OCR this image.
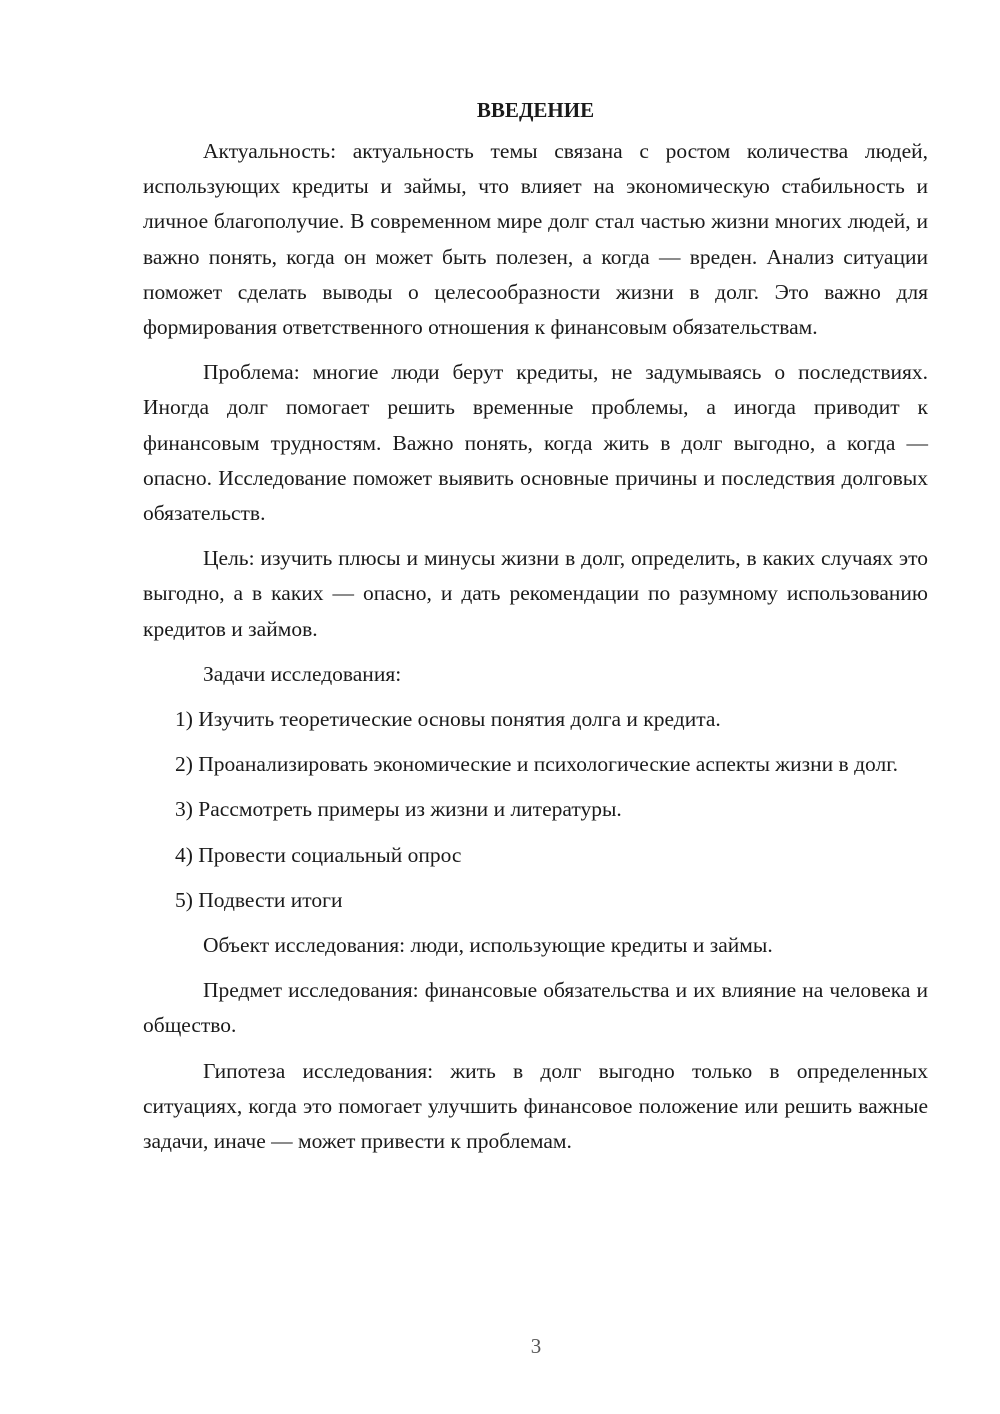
ВВЕДЕНИЕ

Актуальность: актуальность темы связана с ростом количества людей, использующих кредиты и займы, что влияет на экономическую стабильность и личное благополучие. В современном мире долг стал частью жизни многих людей, и важно понять, когда он может быть полезен, а когда — вреден. Анализ ситуации поможет сделать выводы о целесообразности жизни в долг. Это важно для формирования ответственного отношения к финансовым обязательствам.

Проблема: многие люди берут кредиты, не задумываясь о последствиях. Иногда долг помогает решить временные проблемы, а иногда приводит к финансовым трудностям. Важно понять, когда жить в долг выгодно, а когда — опасно. Исследование поможет выявить основные причины и последствия долговых обязательств.

Цель: изучить плюсы и минусы жизни в долг, определить, в каких случаях это выгодно, а в каких — опасно, и дать рекомендации по разумному использованию кредитов и займов.

Задачи исследования:

1) Изучить теоретические основы понятия долга и кредита.

2) Проанализировать экономические и психологические аспекты жизни в долг.

3) Рассмотреть примеры из жизни и литературы.

4) Провести социальный опрос

5) Подвести итоги

Объект исследования: люди, использующие кредиты и займы.

Предмет исследования: финансовые обязательства и их влияние на человека и общество.

Гипотеза исследования: жить в долг выгодно только в определенных ситуациях, когда это помогает улучшить финансовое положение или решить важные задачи, иначе — может привести к проблемам.

3
